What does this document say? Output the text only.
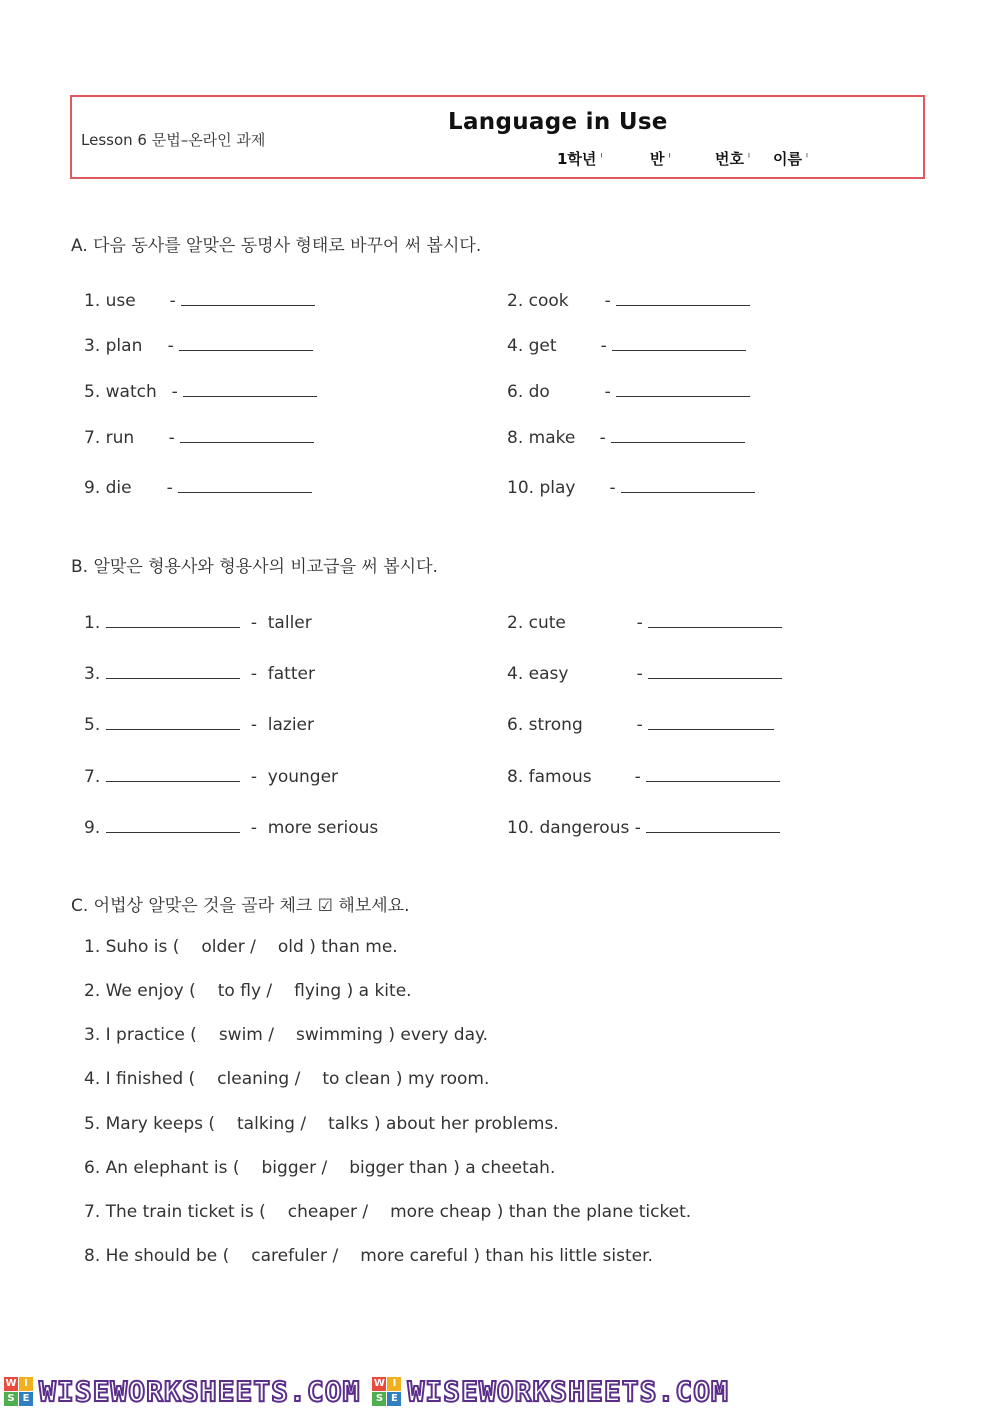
Lesson 6 문법–온라인 과제
Language in Use
1학년 $^ˡ$	반 $^ˡ$	번호 $^ˡ$ 이름 $^ˡ$
A. 다음 동사를 알맞은 동명사 형태로 바꾸어 써 봅시다.
1. use -	2. cook -
3. plan -	4. get	-
5. watch -	6. do	-
7. run -	8. make -
9. die -	10. play -
B. 알맞은 형용사와 형용사의 비교급을 써 봅시다.
1.	- taller	2. cute	-
3.	- fatter	4. easy	-
5.	- lazier	6. strong	-
7.	- younger	8. famous	-
9.	- more serious	10. dangerous -
C. 어법상 알맞은 것을 골라 체크 ☑ 해보세요.
1. Suho is ( older / old ) than me.
2. We enjoy ( to fly / flying ) a kite.
3. I practice ( swim / swimming ) every day.
4. I finished ( cleaning / to clean ) my room.
5. Mary keeps ( talking / talks ) about her problems.
6. An elephant is ( bigger / bigger than ) a cheetah.
7. The train ticket is ( cheaper / more cheap ) than the plane ticket.
8. He should be ( carefuler / more careful ) than his little sister.
W I
S E WISEWORKSHEETS.COM W I
S E WISEWORKSHEETS.COM
